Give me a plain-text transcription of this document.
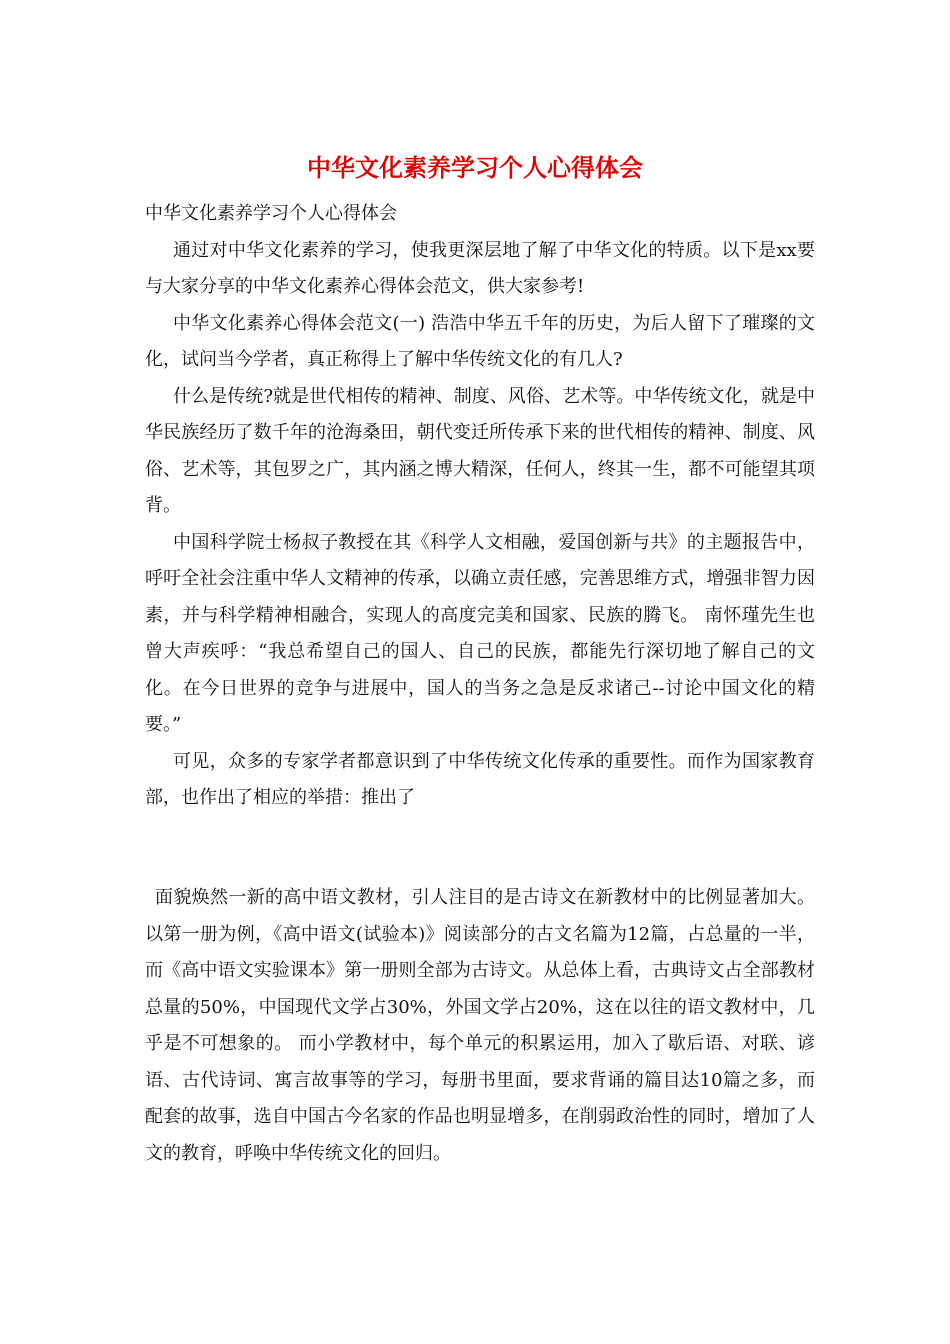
中华文化素养学习个人心得体会

中华文化素养学习个人心得体会

通过对中华文化素养的学习，使我更深层地了解了中华文化的特质。以下是xx要与大家分享的中华文化素养心得体会范文，供大家参考!

中华文化素养心得体会范文(一) 浩浩中华五千年的历史，为后人留下了璀璨的文化，试问当今学者，真正称得上了解中华传统文化的有几人?

什么是传统?就是世代相传的精神、制度、风俗、艺术等。中华传统文化，就是中华民族经历了数千年的沧海桑田，朝代变迁所传承下来的世代相传的精神、制度、风俗、艺术等，其包罗之广，其内涵之博大精深，任何人，终其一生，都不可能望其项背。

中国科学院士杨叔子教授在其《科学人文相融，爱国创新与共》的主题报告中，呼吁全社会注重中华人文精神的传承，以确立责任感，完善思维方式，增强非智力因素，并与科学精神相融合，实现人的高度完美和国家、民族的腾飞。 南怀瑾先生也曾大声疾呼：“我总希望自己的国人、自己的民族，都能先行深切地了解自己的文化。在今日世界的竞争与进展中，国人的当务之急是反求诸己--讨论中国文化的精要。”

可见，众多的专家学者都意识到了中华传统文化传承的重要性。而作为国家教育部，也作出了相应的举措：推出了

面貌焕然一新的高中语文教材，引人注目的是古诗文在新教材中的比例显著加大。以第一册为例，《高中语文(试验本)》阅读部分的古文名篇为12篇，占总量的一半，而《高中语文实验课本》第一册则全部为古诗文。从总体上看，古典诗文占全部教材总量的50%，中国现代文学占30%，外国文学占20%，这在以往的语文教材中，几乎是不可想象的。 而小学教材中，每个单元的积累运用，加入了歇后语、对联、谚语、古代诗词、寓言故事等的学习，每册书里面，要求背诵的篇目达10篇之多，而配套的故事，选自中国古今名家的作品也明显增多，在削弱政治性的同时，增加了人文的教育，呼唤中华传统文化的回归。
